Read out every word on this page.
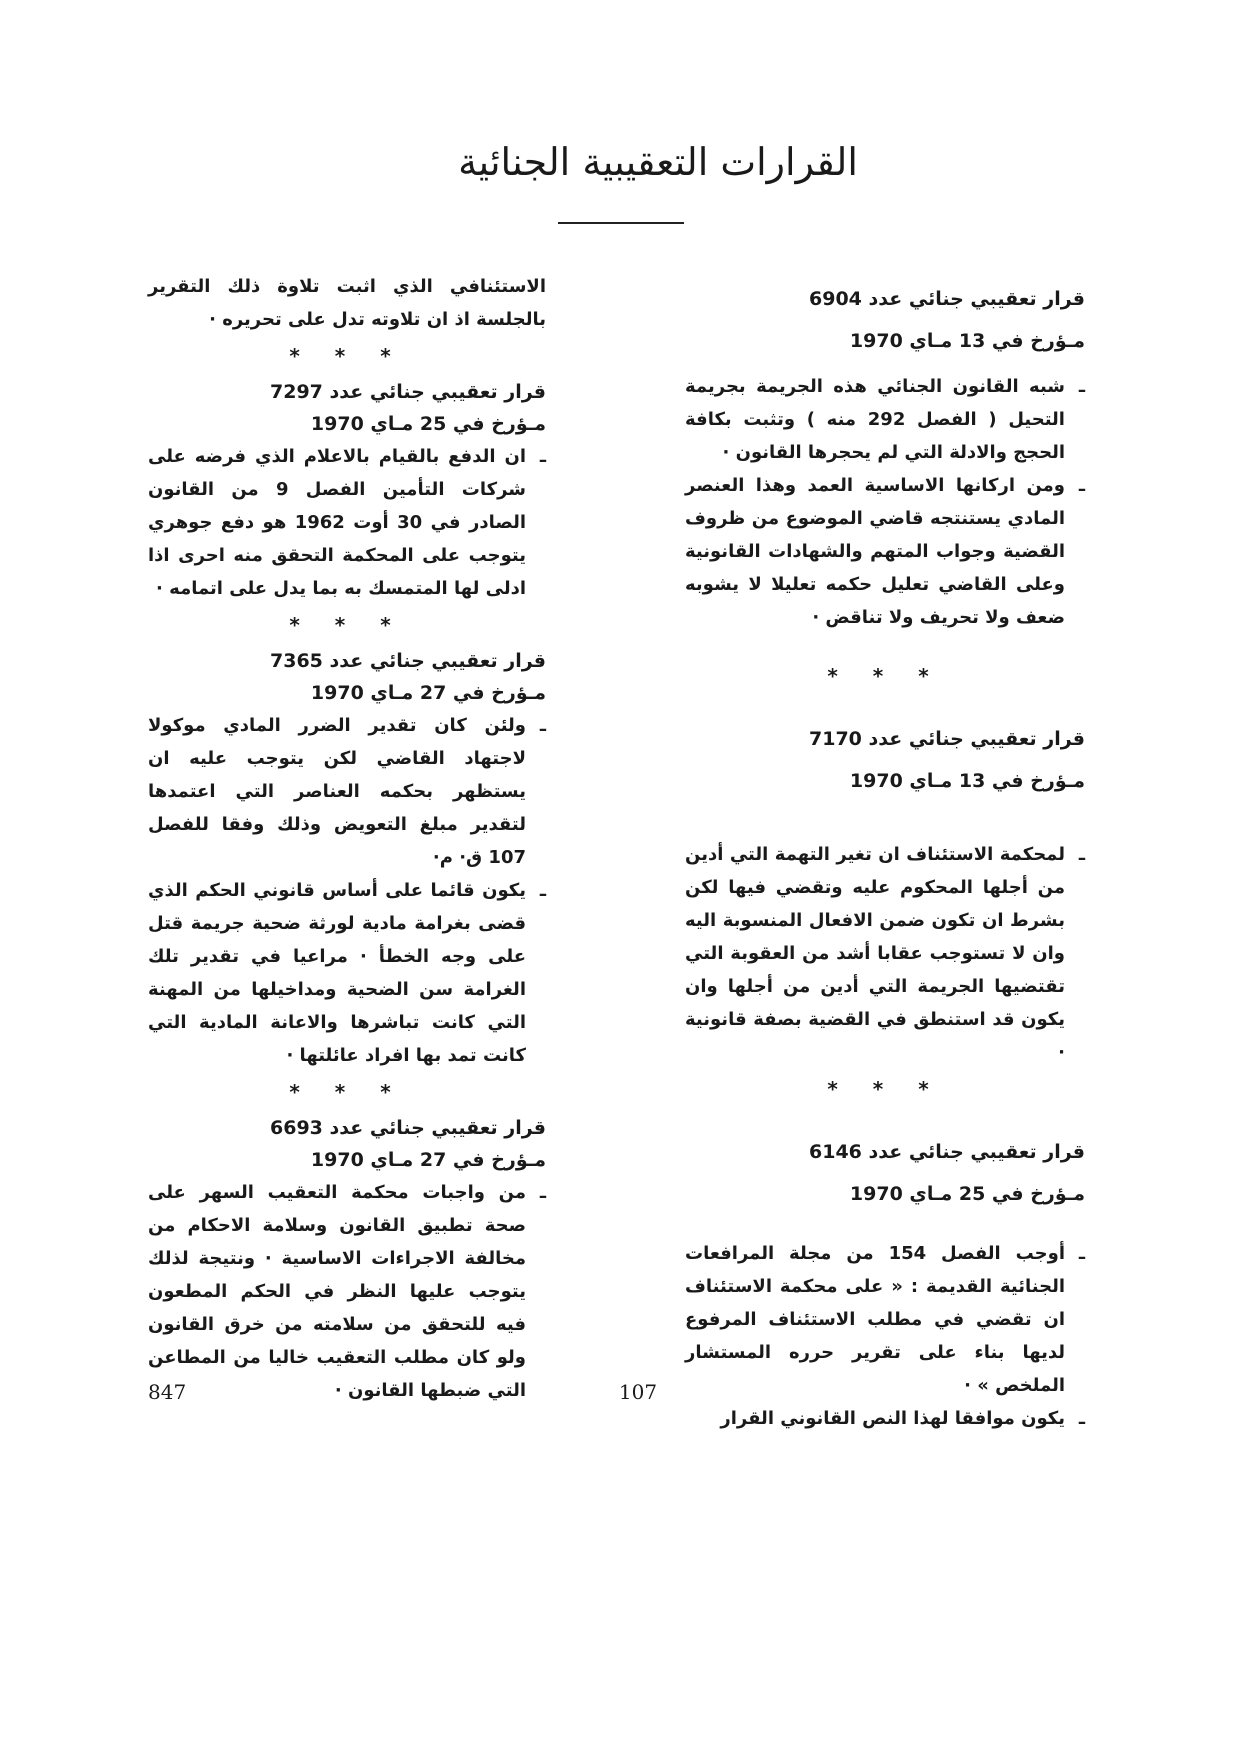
القرارات التعقيبية الجنائية
قرار تعقيبي جنائي عدد 6904
مـؤرخ في 13 مـاي 1970
ـ شبه القانون الجنائي هذه الجريمة بجريمة التحيل ( الفصل 292 منه ) وتثبت بكافة الحجج والادلة التي لم يحجرها القانون ·
ـ ومن اركانها الاساسية العمد وهذا العنصر المادي يستنتجه قاضي الموضوع من ظروف القضية وجواب المتهم والشهادات القانونية وعلى القاضي تعليل حكمه تعليلا لا يشوبه ضعف ولا تحريف ولا تناقض ·
* * *
قرار تعقيبي جنائي عدد 7170
مـؤرخ في 13 مـاي 1970
ـ لمحكمة الاستئناف ان تغير التهمة التي أدين من أجلها المحكوم عليه وتقضي فيها لكن بشرط ان تكون ضمن الافعال المنسوبة اليه وان لا تستوجب عقابا أشد من العقوبة التي تقتضيها الجريمة التي أدين من أجلها وان يكون قد استنطق في القضية بصفة قانونية ·
* * *
قرار تعقيبي جنائي عدد 6146
مـؤرخ في 25 مـاي 1970
ـ أوجب الفصل 154 من مجلة المرافعات الجنائية القديمة : « على محكمة الاستئناف ان تقضي في مطلب الاستئناف المرفوع لديها بناء على تقرير حرره المستشار الملخص » ·
ـ يكون موافقا لهذا النص القانوني القرار
الاستئنافي الذي اثبت تلاوة ذلك التقرير بالجلسة اذ ان تلاوته تدل على تحريره ·
* * *
قرار تعقيبي جنائي عدد 7297
مـؤرخ في 25 مـاي 1970
ـ ان الدفع بالقيام بالاعلام الذي فرضه على شركات التأمين الفصل 9 من القانون الصادر في 30 أوت 1962 هو دفع جوهري يتوجب على المحكمة التحقق منه احرى اذا ادلى لها المتمسك به بما يدل على اتمامه ·
* * *
قرار تعقيبي جنائي عدد 7365
مـؤرخ في 27 مـاي 1970
ـ ولئن كان تقدير الضرر المادي موكولا لاجتهاد القاضي لكن يتوجب عليه ان يستظهر بحكمه العناصر التي اعتمدها لتقدير مبلغ التعويض وذلك وفقا للفصل 107 ق· م·
ـ يكون قائما على أساس قانوني الحكم الذي قضى بغرامة مادية لورثة ضحية جريمة قتل على وجه الخطأ · مراعيا في تقدير تلك الغرامة سن الضحية ومداخيلها من المهنة التي كانت تباشرها والاعانة المادية التي كانت تمد بها افراد عائلتها ·
* * *
قرار تعقيبي جنائي عدد 6693
مـؤرخ في 27 مـاي 1970
ـ من واجبات محكمة التعقيب السهر على صحة تطبيق القانون وسلامة الاحكام من مخالفة الاجراءات الاساسية · ونتيجة لذلك يتوجب عليها النظر في الحكم المطعون فيه للتحقق من سلامته من خرق القانون ولو كان مطلب التعقيب خاليا من المطاعن التي ضبطها القانون ·
847	107
